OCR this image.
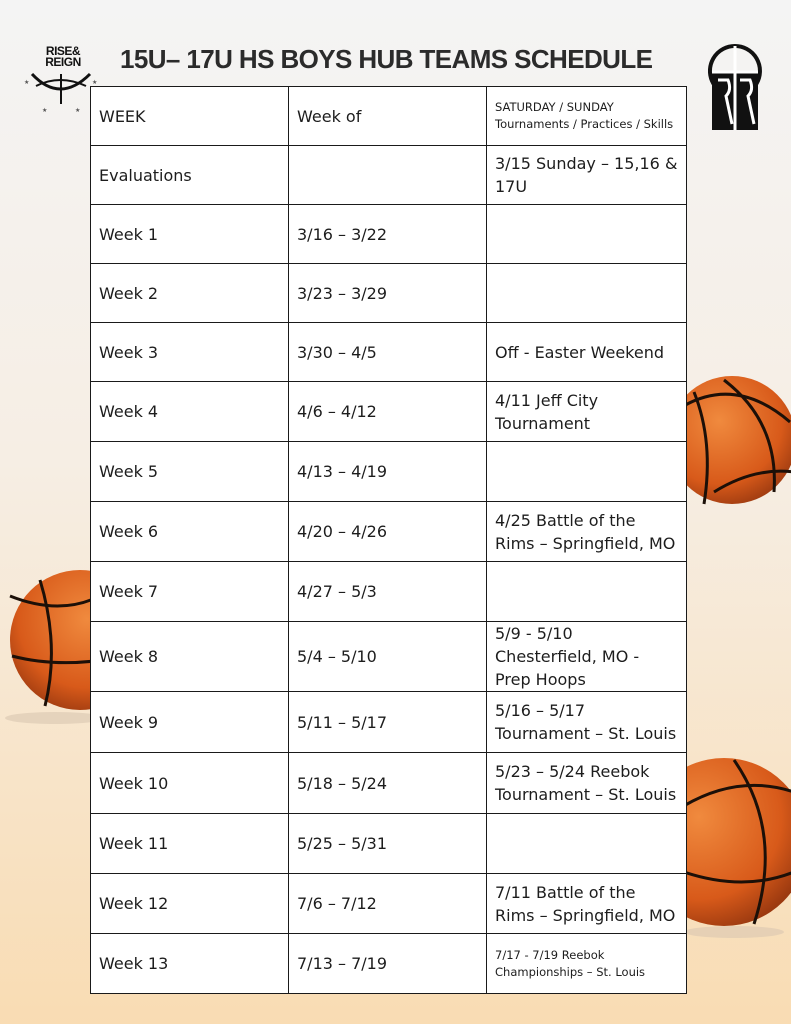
★	★
★	★
RISE&
REIGN	15U– 17U HS BOYS HUB TEAMS SCHEDULE
WEEK	Week of	SATURDAY / SUNDAY Tournaments / Practices / Skills
Evaluations		3/15 Sunday – 15,16 & 17U
Week 1	3/16 – 3/22	
Week 2	3/23 – 3/29	
Week 3	3/30 – 4/5	Off - Easter Weekend
Week 4	4/6 – 4/12	4/11 Jeff City Tournament
Week 5	4/13 – 4/19	
Week 6	4/20 – 4/26	4/25 Battle of the Rims – Springfield, MO
Week 7	4/27 – 5/3	
Week 8	5/4 – 5/10	5/9 - 5/10 Chesterfield, MO - Prep Hoops
Week 9	5/11 – 5/17	5/16 – 5/17 Tournament – St. Louis
Week 10	5/18 – 5/24	5/23 – 5/24 Reebok Tournament – St. Louis
Week 11	5/25 – 5/31	
Week 12	7/6 – 7/12	7/11 Battle of the Rims – Springfield, MO
Week 13	7/13 – 7/19	7/17 - 7/19 Reebok Championships – St. Louis
